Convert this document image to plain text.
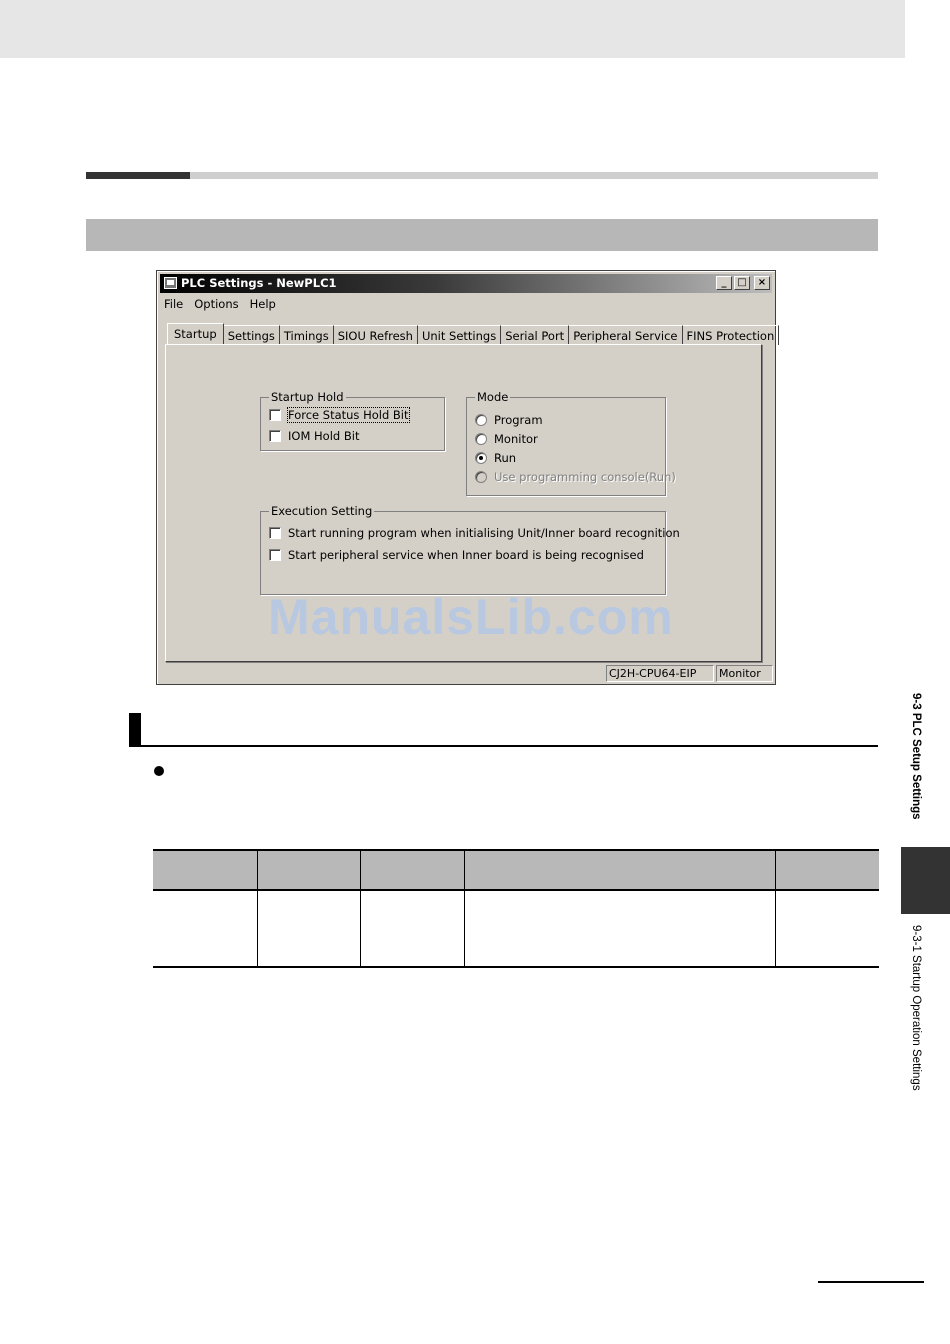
PLC Settings - NewPLC1	_	□	×
File Options Help
Startup Settings Timings SIOU Refresh Unit Settings Serial Port Peripheral Service FINS Protection
Startup Hold
Force Status Hold Bit
IOM Hold Bit
Mode
Program
Monitor
Run
Use programming console(Run)
Execution Setting
Start running program when initialising Unit/Inner board recognition
Start peripheral service when Inner board is being recognised
CJ2H-CPU64-EIP	Monitor
ManualsLib.com
9-3 PLC Setup Settings
9-3-1 Startup Operation Settings
